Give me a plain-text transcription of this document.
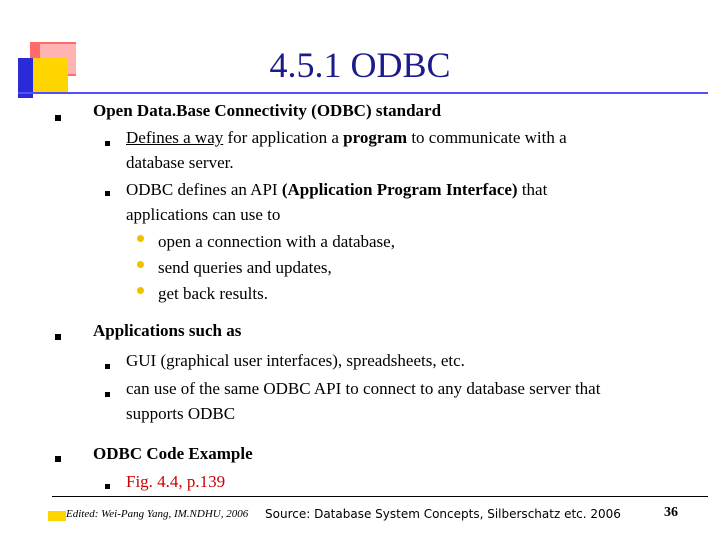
4.5.1 ODBC
Open Data.Base Connectivity (ODBC) standard
Defines a way for application a program to communicate with a
database server.
ODBC defines an API (Application Program Interface) that
applications can use to
open a connection with a database,
send queries and updates,
get back results.
Applications such as
GUI (graphical user interfaces), spreadsheets, etc.
can use of the same ODBC API to connect to any database server that
supports ODBC
ODBC Code Example
Fig. 4.4, p.139
Edited: Wei-Pang Yang, IM.NDHU, 2006 Source: Database System Concepts, Silberschatz etc. 2006	36
